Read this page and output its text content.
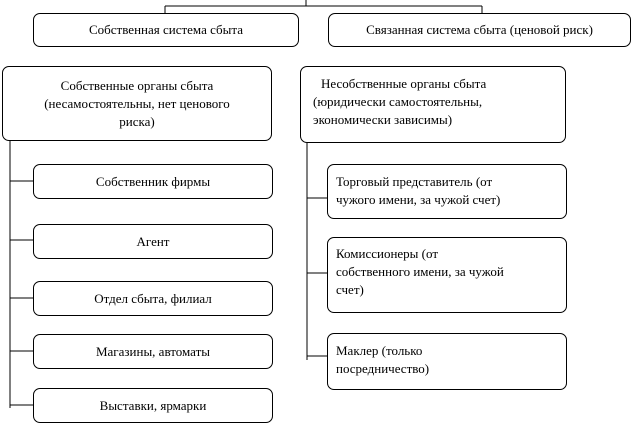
Собственная система сбыта	Связанная система сбыта (ценовой риск)
Собственные органы сбыта
(несамостоятельны, нет ценового
риска)
Несобственные органы сбыта
(юридически самостоятельны,
экономически зависимы)
Собственник фирмы
Агент
Отдел сбыта, филиал
Магазины, автоматы
Выставки, ярмарки
Торговый представитель (от
чужого имени, за чужой счет)
Комиссионеры (от
собственного имени, за чужой
счет)
Маклер (только
посредничество)
